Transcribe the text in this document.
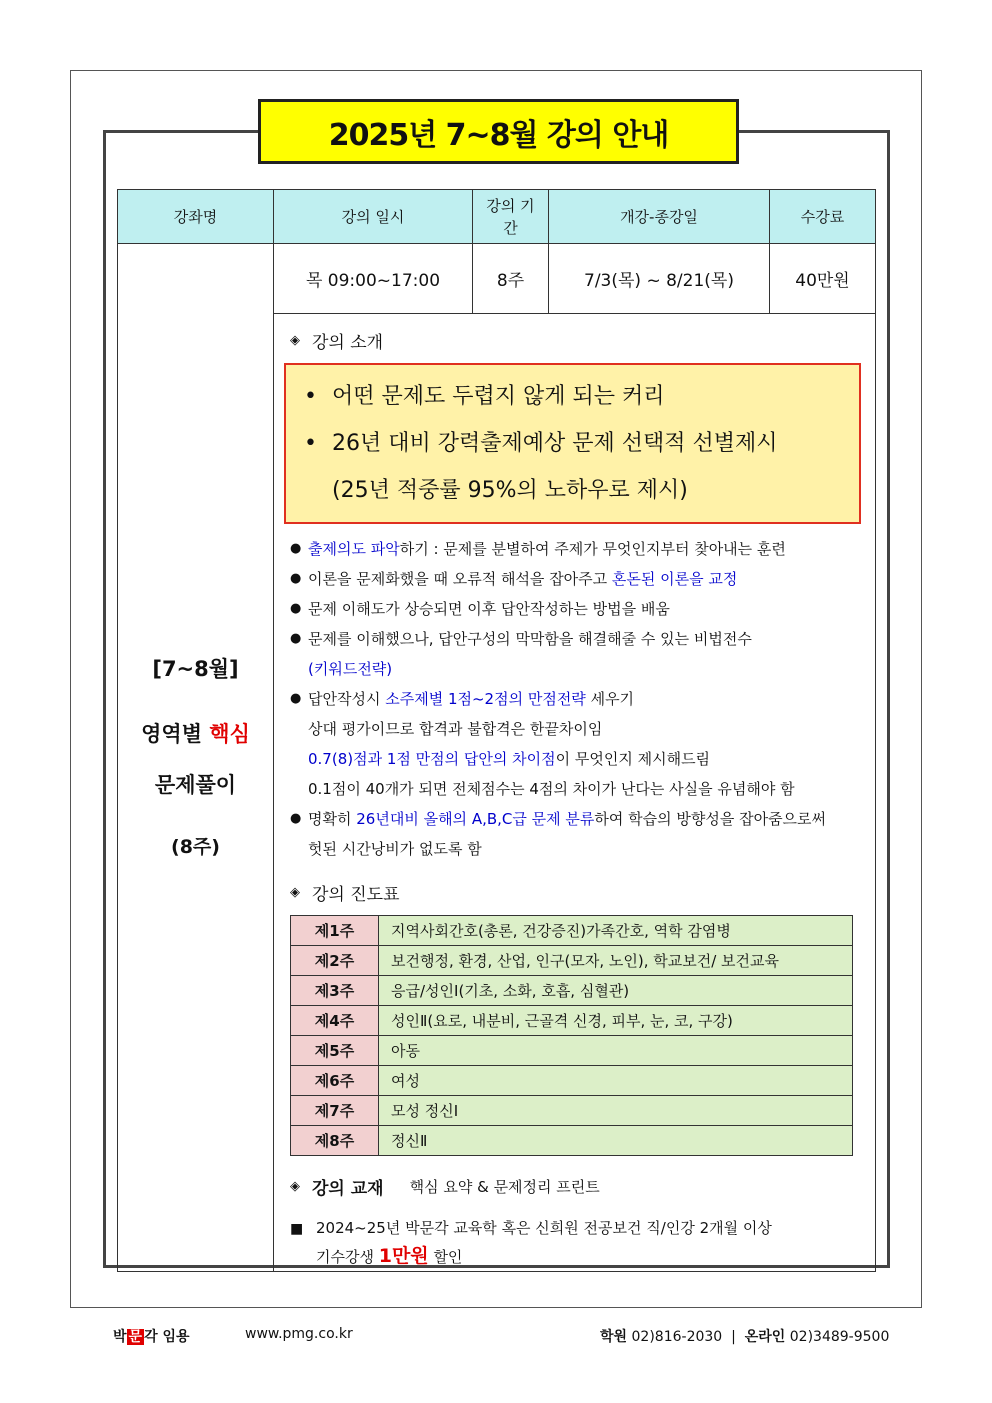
2025년 7~8월 강의 안내
강좌명	강의 일시	강의 기간	개강-종강일	수강료

[7~8월]

영역별 핵심

문제풀이

(8주)

	목 09:00~17:00	8주	7/3(목) ~ 8/21(목)	40만원

◈ 강의 소개
• 어떤 문제도 두렵지 않게 되는 커리
• 26년 대비 강력출제예상 문제 선택적 선별제시
(25년 적중률 95%의 노하우로 제시)
● 출제의도 파악하기 : 문제를 분별하여 주제가 무엇인지부터 찾아내는 훈련
● 이론을 문제화했을 때 오류적 해석을 잡아주고 혼돈된 이론을 교정
● 문제 이해도가 상승되면 이후 답안작성하는 방법을 배움
● 문제를 이해했으나, 답안구성의 막막함을 해결해줄 수 있는 비법전수
(키워드전략)
● 답안작성시 소주제별 1점~2점의 만점전략 세우기
상대 평가이므로 합격과 불합격은 한끝차이임
0.7(8)점과 1점 만점의 답안의 차이점이 무엇인지 제시해드림
0.1점이 40개가 되면 전체점수는 4점의 차이가 난다는 사실을 유념해야 함
● 명확히 26년대비 올해의 A,B,C급 문제 분류하여 학습의 방향성을 잡아줌으로써
헛된 시간낭비가 없도록 함
◈ 강의 진도표
제1주	지역사회간호(총론, 건강증진)가족간호, 역학 감염병
제2주	보건행정, 환경, 산업, 인구(모자, 노인), 학교보건/ 보건교육
제3주	응급/성인Ⅰ(기초, 소화, 호흡, 심혈관)
제4주	성인Ⅱ(요로, 내분비, 근골격 신경, 피부, 눈, 코, 구강)
제5주	아동
제6주	여성
제7주	모성 정신Ⅰ
제8주	정신Ⅱ
◈ 강의 교재 핵심 요약 & 문제정리 프린트
■ 2024~25년 박문각 교육학 혹은 신희원 전공보건 직/인강 2개월 이상
기수강생 1만원 할인
박 문 각 임용	www.pmg.co.kr	학원 02)816-2030 | 온라인 02)3489-9500
